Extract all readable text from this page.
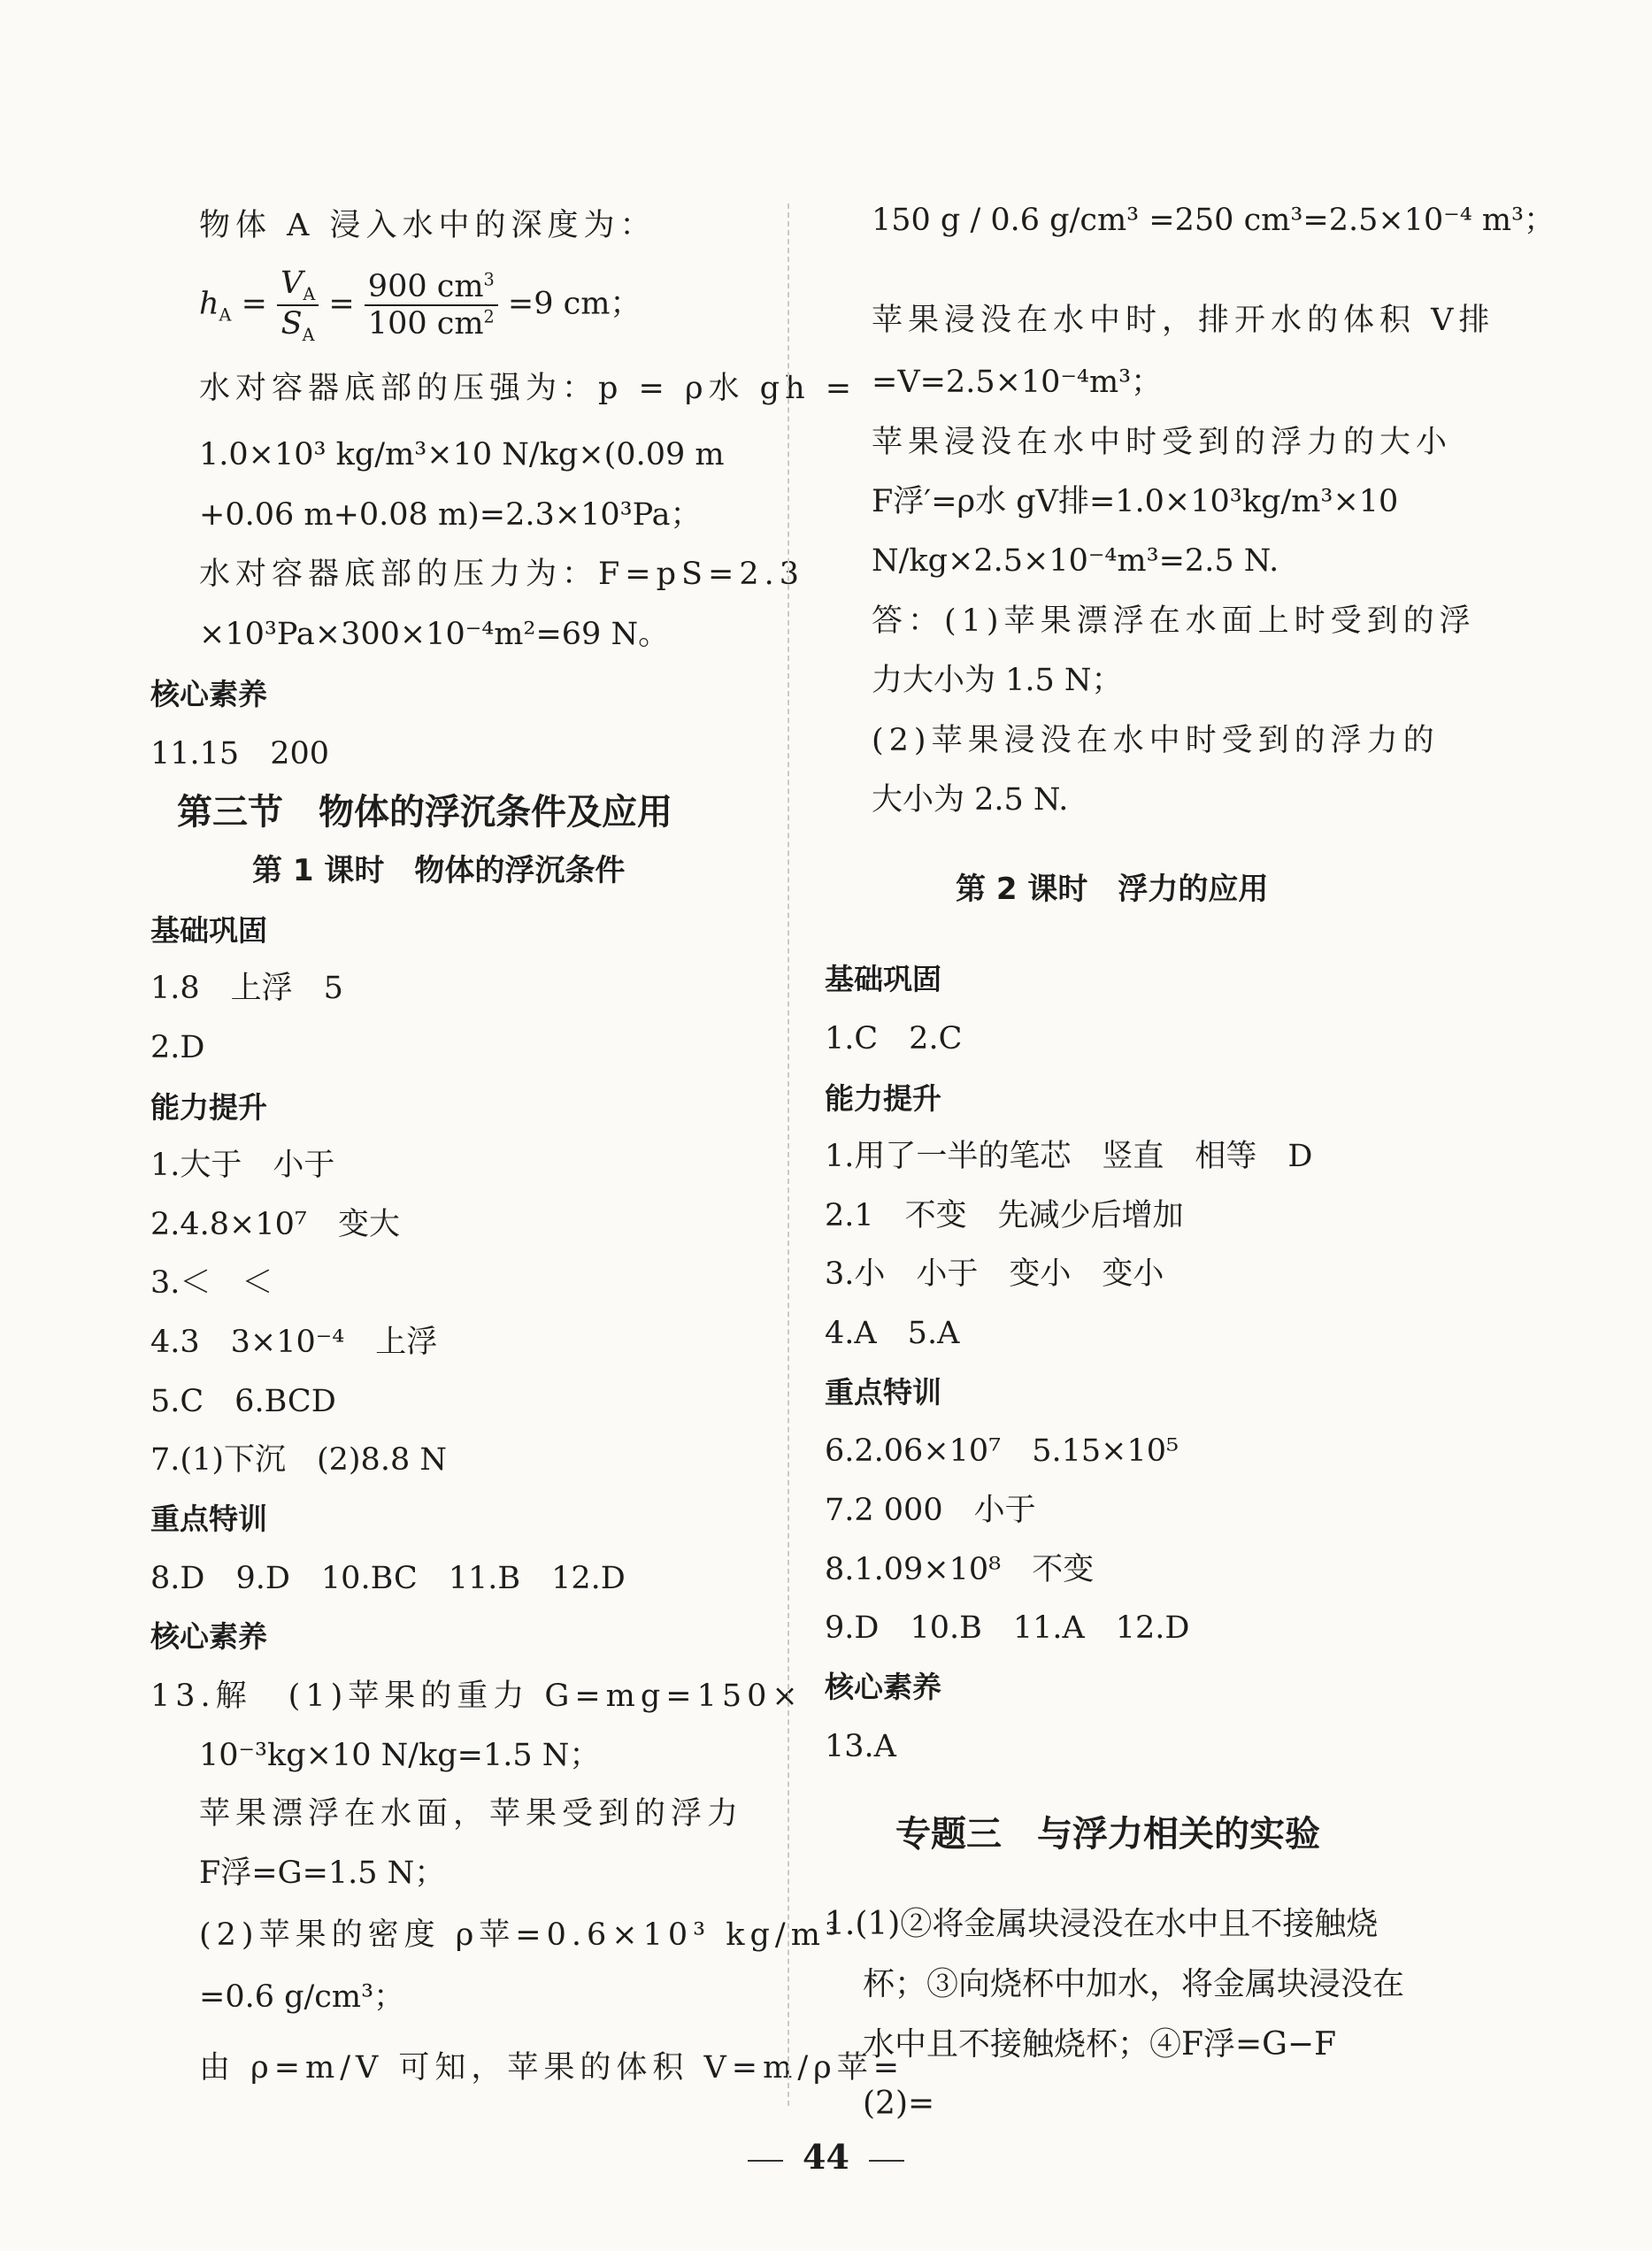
物体 A 浸入水中的深度为：
$h_A = \frac{V_A}{S_A} = \frac{900 cm^3}{100 cm^2} =9$ cm；
水对容器底部的压强为：p = ρ水 gh =
1.0×10³ kg/m³×10 N/kg×(0.09 m
+0.06 m+0.08 m)=2.3×10³Pa；
水对容器底部的压力为：F=pS=2.3
×10³Pa×300×10⁻⁴m²=69 N。
核心素养
11.15　200
第三节　物体的浮沉条件及应用
第 1 课时　物体的浮沉条件
基础巩固
1.8　上浮　5
2.D
能力提升
1.大于　小于
2.4.8×10⁷　变大
3.＜　＜
4.3　3×10⁻⁴　上浮
5.C　6.BCD
7.(1)下沉　(2)8.8 N
重点特训
8.D　9.D　10.BC　11.B　12.D
核心素养
13.解　(1)苹果的重力 G=mg=150×
10⁻³kg×10 N/kg=1.5 N；
苹果漂浮在水面，苹果受到的浮力
F浮=G=1.5 N；
(2)苹果的密度 ρ苹=0.6×10³ kg/m³
=0.6 g/cm³；
由 ρ=m/V 可知，苹果的体积 V=m/ρ苹=
150 g / 0.6 g/cm³ =250 cm³=2.5×10⁻⁴ m³；
苹果浸没在水中时，排开水的体积 V排
=V=2.5×10⁻⁴m³；
苹果浸没在水中时受到的浮力的大小
F浮′=ρ水 gV排=1.0×10³kg/m³×10
N/kg×2.5×10⁻⁴m³=2.5 N.
答：(1)苹果漂浮在水面上时受到的浮
力大小为 1.5 N；
(2)苹果浸没在水中时受到的浮力的
大小为 2.5 N.
第 2 课时　浮力的应用
基础巩固
1.C　2.C
能力提升
1.用了一半的笔芯　竖直　相等　D
2.1　不变　先减少后增加
3.小　小于　变小　变小
4.A　5.A
重点特训
6.2.06×10⁷　5.15×10⁵
7.2 000　小于
8.1.09×10⁸　不变
9.D　10.B　11.A　12.D
核心素养
13.A
专题三　与浮力相关的实验
1.(1)②将金属块浸没在水中且不接触烧
杯；③向烧杯中加水，将金属块浸没在
水中且不接触烧杯；④F浮=G−F
(2)=
44
